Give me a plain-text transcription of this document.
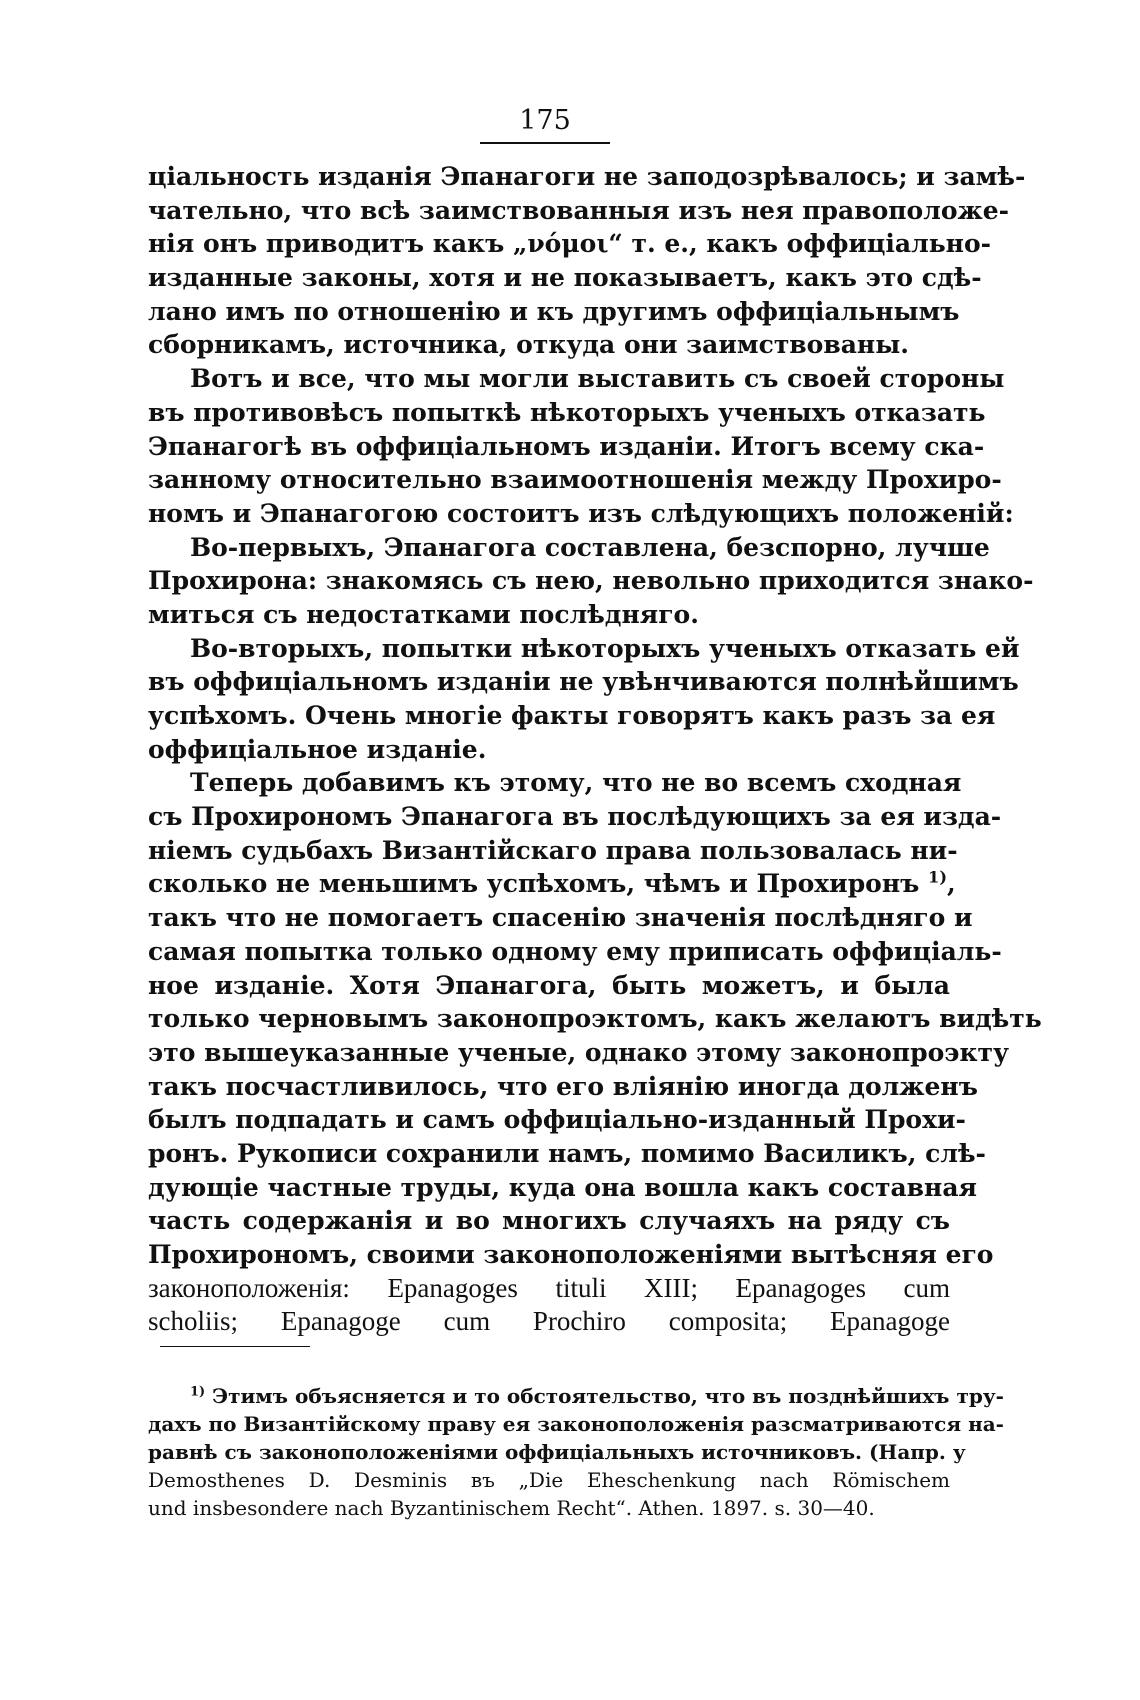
175
ціальность изданія Эпанагоги не заподозрѣвалось; и замѣ-
чательно, что всѣ заимствованныя изъ нея правоположе-
нія онъ приводитъ какъ „νόμοι“ т. е., какъ оффиціально-
изданные законы, хотя и не показываетъ, какъ это сдѣ-
лано имъ по отношенію и къ другимъ оффиціальнымъ
сборникамъ, источника, откуда они заимствованы.
Вотъ и все, что мы могли выставить съ своей стороны
въ противовѣсъ попыткѣ нѣкоторыхъ ученыхъ отказать
Эпанагогѣ въ оффиціальномъ изданіи. Итогъ всему ска-
занному относительно взаимоотношенія между Прохиро-
номъ и Эпанагогою состоитъ изъ слѣдующихъ положеній:
Во-первыхъ, Эпанагога составлена, безспорно, лучше
Прохирона: знакомясь съ нею, невольно приходится знако-
миться съ недостатками послѣдняго.
Во-вторыхъ, попытки нѣкоторыхъ ученыхъ отказать ей
въ оффиціальномъ изданіи не увѣнчиваются полнѣйшимъ
успѣхомъ. Очень многіе факты говорятъ какъ разъ за ея
оффиціальное изданіе.
Теперь добавимъ къ этому, что не во всемъ сходная
съ Прохирономъ Эпанагога въ послѣдующихъ за ея изда-
ніемъ судьбахъ Византійскаго права пользовалась ни-
сколько не меньшимъ успѣхомъ, чѣмъ и Прохиронъ $^{1)}$,
такъ что не помогаетъ спасенію значенія послѣдняго и
самая попытка только одному ему приписать оффиціаль-
ное изданіе. Хотя Эпанагога, быть можетъ, и была
только черновымъ законопроэктомъ, какъ желаютъ видѣть
это вышеуказанные ученые, однако этому законопроэкту
такъ посчастливилось, что его вліянію иногда долженъ
былъ подпадать и самъ оффиціально-изданный Прохи-
ронъ. Рукописи сохранили намъ, помимо Василикъ, слѣ-
дующіе частные труды, куда она вошла какъ составная
часть содержанія и во многихъ случаяхъ на ряду съ
Прохирономъ, своими законоположеніями вытѣсняя его
законоположенія: Epanagoges tituli XIII; Epanagoges cum
scholiis; Epanagoge cum Prochiro composita; Epanagoge
$^{1)}$ Этимъ объясняется и то обстоятельство, что въ позднѣйшихъ тру-
дахъ по Византійскому праву ея законоположенія разсматриваются на-
равнѣ съ законоположеніями оффиціальныхъ источниковъ. (Напр. у
Demosthenes D. Desminis въ „Die Eheschenkung nach Römischem
und insbesondere nach Byzantinischem Recht“. Athen. 1897. s. 30—40.
